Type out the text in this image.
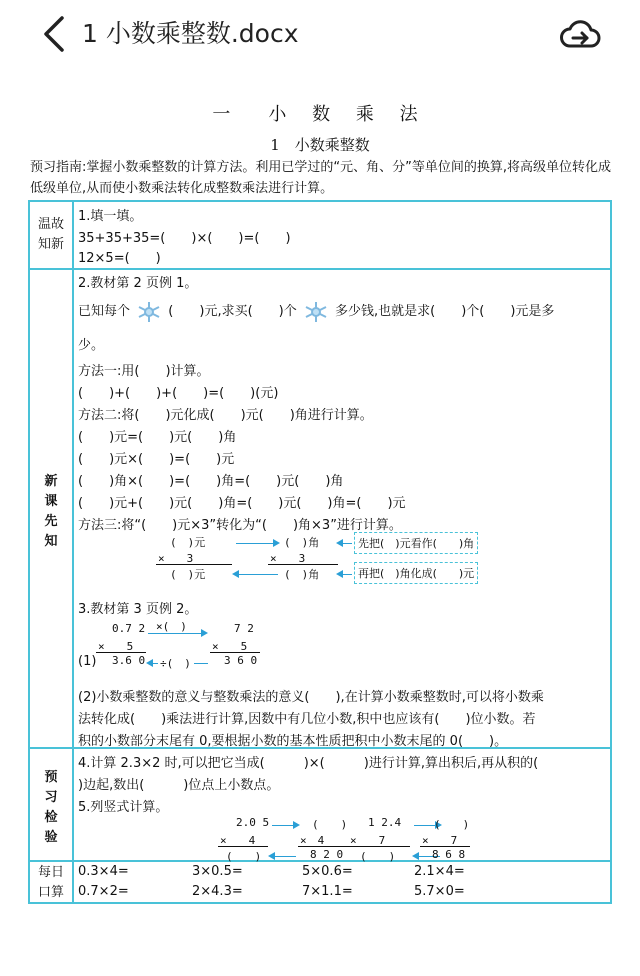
1 小数乘整数.docx
一　小 数 乘 法
1　小数乘整数
预习指南:掌握小数乘整数的计算方法。利用已学过的“元、角、分”等单位间的换算,将高级单位转化成低级单位,从而使小数乘法转化成整数乘法进行计算。
温故知新
1.填一填。
35+35+35=(　　)×(　　)=(　　)
12×5=(　　)
新课先知
2.教材第 2 页例 1。
已知每个	(　　)元,求买(　　)个	多少钱,也就是求(　　)个(　　)元是多
少。
方法一:用(　　)计算。
(　　)+(　　)+(　　)=(　　)(元)
方法二:将(　　)元化成(　　)元(　　)角进行计算。
(　　)元=(　　)元(　　)角
(　　)元×(　　)=(　　)元
(　　)角×(　　)=(　　)角=(　　)元(　　)角
(　　)元+(　　)元(　　)角=(　　)元(　　)角=(　　)元
方法三:将“(　　)元×3”转化为“(　　)角×3”进行计算。
(　)元
×　　3
(　)元
(　)角
×　　3
(　)角
先把(　)元看作(　　)角
再把(　)角化成(　　)元
3.教材第 3 页例 2。
0.7 2
×　　5
(1) 3.6 0
×(　)
÷(　)
7 2
×　　5
3 6 0
(2)小数乘整数的意义与整数乘法的意义(　　),在计算小数乘整数时,可以将小数乘
法转化成(　　)乘法进行计算,因数中有几位小数,积中也应该有(　　)位小数。若
积的小数部分末尾有 0,要根据小数的基本性质把积中小数末尾的 0(　　)。
预习检验
4.计算 2.3×2 时,可以把它当成(　　　)×(　　　)进行计算,算出积后,再从积的(
)边起,数出(　　　)位点上小数点。
5.列竖式计算。
2.0 5
×　　4
(　　)
(　　)
×　4
8 2 0
1 2.4
×　　7
(　　)
(　　)
×　　7
8 6 8
每日口算
0.3×4=	3×0.5=	5×0.6=	2.1×4=
0.7×2=	2×4.3=	7×1.1=	5.7×0=
